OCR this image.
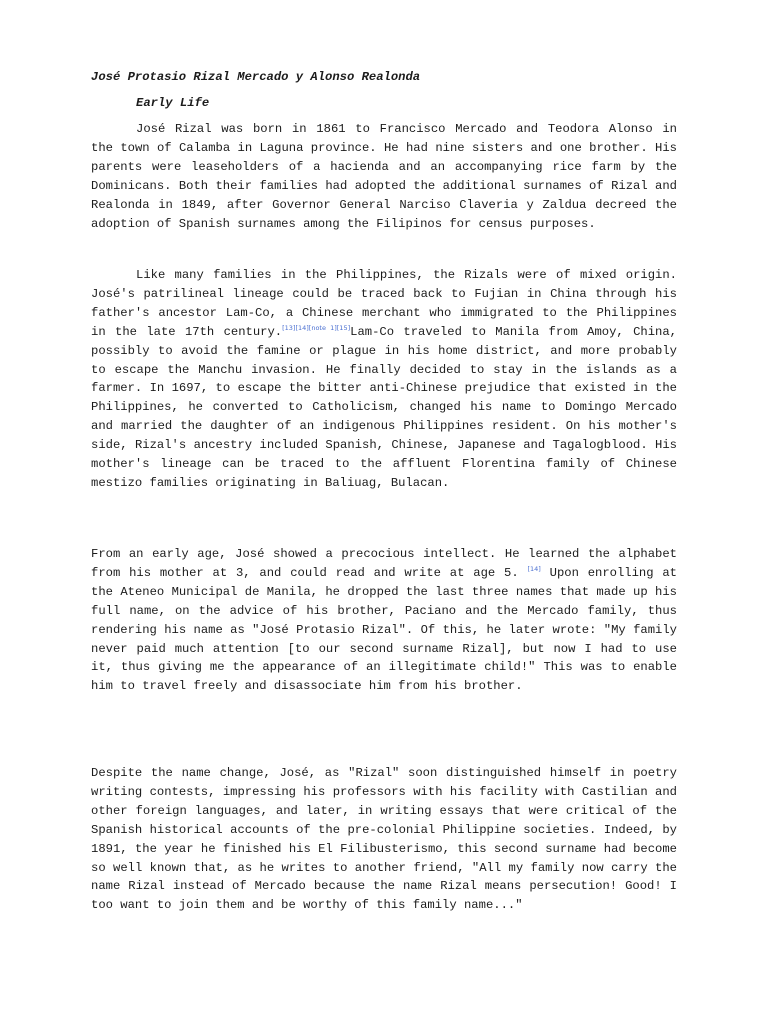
José Protasio Rizal Mercado y Alonso Realonda
Early Life

José Rizal was born in 1861 to Francisco Mercado and Teodora Alonso in the town of Calamba in Laguna province. He had nine sisters and one brother. His parents were leaseholders of a hacienda and an accompanying rice farm by the Dominicans. Both their families had adopted the additional surnames of Rizal and Realonda in 1849, after Governor General Narciso Claveria y Zaldua decreed the adoption of Spanish surnames among the Filipinos for census purposes.

Like many families in the Philippines, the Rizals were of mixed origin. José's patrilineal lineage could be traced back to Fujian in China through his father's ancestor Lam-Co, a Chinese merchant who immigrated to the Philippines in the late 17th century.[13][14][note 1][15]Lam-Co traveled to Manila from Amoy, China, possibly to avoid the famine or plague in his home district, and more probably to escape the Manchu invasion. He finally decided to stay in the islands as a farmer. In 1697, to escape the bitter anti-Chinese prejudice that existed in the Philippines, he converted to Catholicism, changed his name to Domingo Mercado and married the daughter of an indigenous Philippines resident. On his mother's side, Rizal's ancestry included Spanish, Chinese, Japanese and Tagalogblood. His mother's lineage can be traced to the affluent Florentina family of Chinese mestizo families originating in Baliuag, Bulacan.

From an early age, José showed a precocious intellect. He learned the alphabet from his mother at 3, and could read and write at age 5. [14] Upon enrolling at the Ateneo Municipal de Manila, he dropped the last three names that made up his full name, on the advice of his brother, Paciano and the Mercado family, thus rendering his name as "José Protasio Rizal". Of this, he later wrote: "My family never paid much attention [to our second surname Rizal], but now I had to use it, thus giving me the appearance of an illegitimate child!" This was to enable him to travel freely and disassociate him from his brother.

Despite the name change, José, as "Rizal" soon distinguished himself in poetry writing contests, impressing his professors with his facility with Castilian and other foreign languages, and later, in writing essays that were critical of the Spanish historical accounts of the pre-colonial Philippine societies. Indeed, by 1891, the year he finished his El Filibusterismo, this second surname had become so well known that, as he writes to another friend, "All my family now carry the name Rizal instead of Mercado because the name Rizal means persecution! Good! I too want to join them and be worthy of this family name..."
